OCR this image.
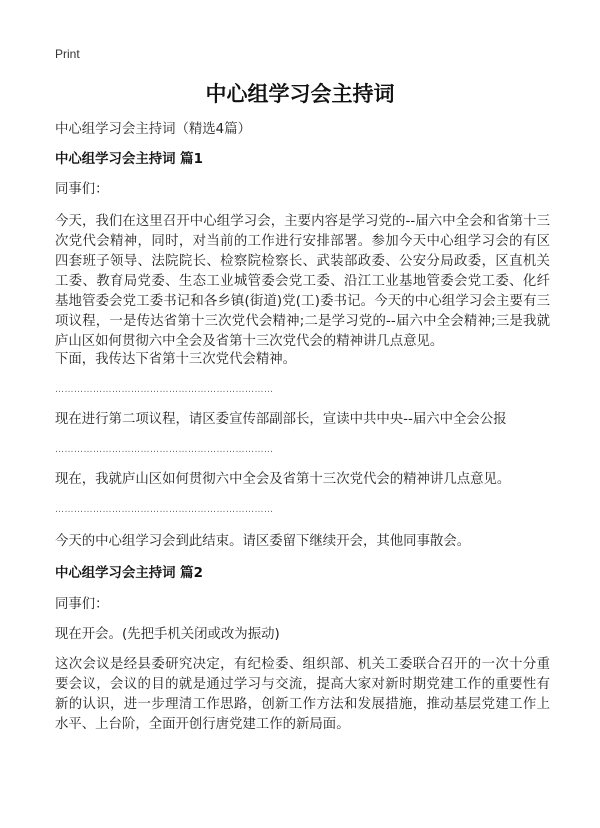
Print
中心组学习会主持词
中心组学习会主持词（精选4篇）
中心组学习会主持词 篇1
同事们：
今天，我们在这里召开中心组学习会，主要内容是学习党的--届六中全会和省第十三次党代会精神，同时，对当前的工作进行安排部署。参加今天中心组学习会的有区四套班子领导、法院院长、检察院检察长、武装部政委、公安分局政委，区直机关工委、教育局党委、生态工业城管委会党工委、沿江工业基地管委会党工委、化纤基地管委会党工委书记和各乡镇(街道)党(工)委书记。今天的中心组学习会主要有三项议程，一是传达省第十三次党代会精神;二是学习党的--届六中全会精神;三是我就庐山区如何贯彻六中全会及省第十三次党代会的精神讲几点意见。
下面，我传达下省第十三次党代会精神。
……………………………………………………………
现在进行第二项议程，请区委宣传部副部长，宣读中共中央--届六中全会公报
……………………………………………………………
现在，我就庐山区如何贯彻六中全会及省第十三次党代会的精神讲几点意见。
……………………………………………………………
今天的中心组学习会到此结束。请区委留下继续开会，其他同事散会。
中心组学习会主持词 篇2
同事们：
现在开会。(先把手机关闭或改为振动)
这次会议是经县委研究决定，有纪检委、组织部、机关工委联合召开的一次十分重要会议，会议的目的就是通过学习与交流，提高大家对新时期党建工作的重要性有新的认识，进一步理清工作思路，创新工作方法和发展措施，推动基层党建工作上水平、上台阶，全面开创行唐党建工作的新局面。
